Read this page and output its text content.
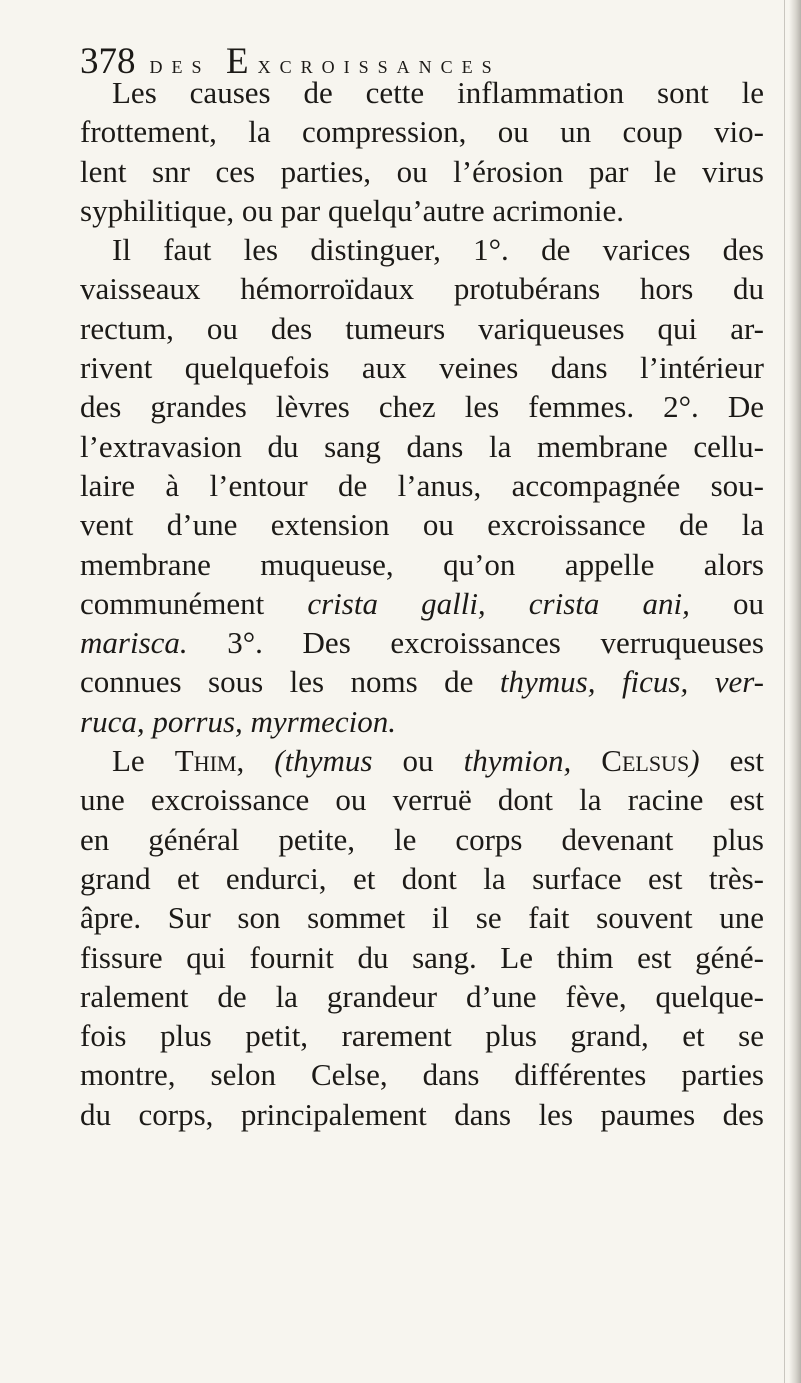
378 des Excroissances
Les causes de cette inflammation sont le
frottement, la compression, ou un coup vio-
lent snr ces parties, ou l’érosion par le virus
syphilitique, ou par quelqu’autre acrimonie.
Il faut les distinguer, 1°. de varices des
vaisseaux hémorroïdaux protubérans hors du
rectum, ou des tumeurs variqueuses qui ar-
rivent quelquefois aux veines dans l’intérieur
des grandes lèvres chez les femmes. 2°. De
l’extravasion du sang dans la membrane cellu-
laire à l’entour de l’anus, accompagnée sou-
vent d’une extension ou excroissance de la
membrane muqueuse, qu’on appelle alors
communément crista galli, crista ani, ou
marisca. 3°. Des excroissances verruqueuses
connues sous les noms de thymus, ficus, ver-
ruca, porrus, myrmecion.
Le Thim, (thymus ou thymion, Celsus) est
une excroissance ou verruë dont la racine est
en général petite, le corps devenant plus
grand et endurci, et dont la surface est très-
âpre. Sur son sommet il se fait souvent une
fissure qui fournit du sang. Le thim est géné-
ralement de la grandeur d’une fève, quelque-
fois plus petit, rarement plus grand, et se
montre, selon Celse, dans différentes parties
du corps, principalement dans les paumes des
